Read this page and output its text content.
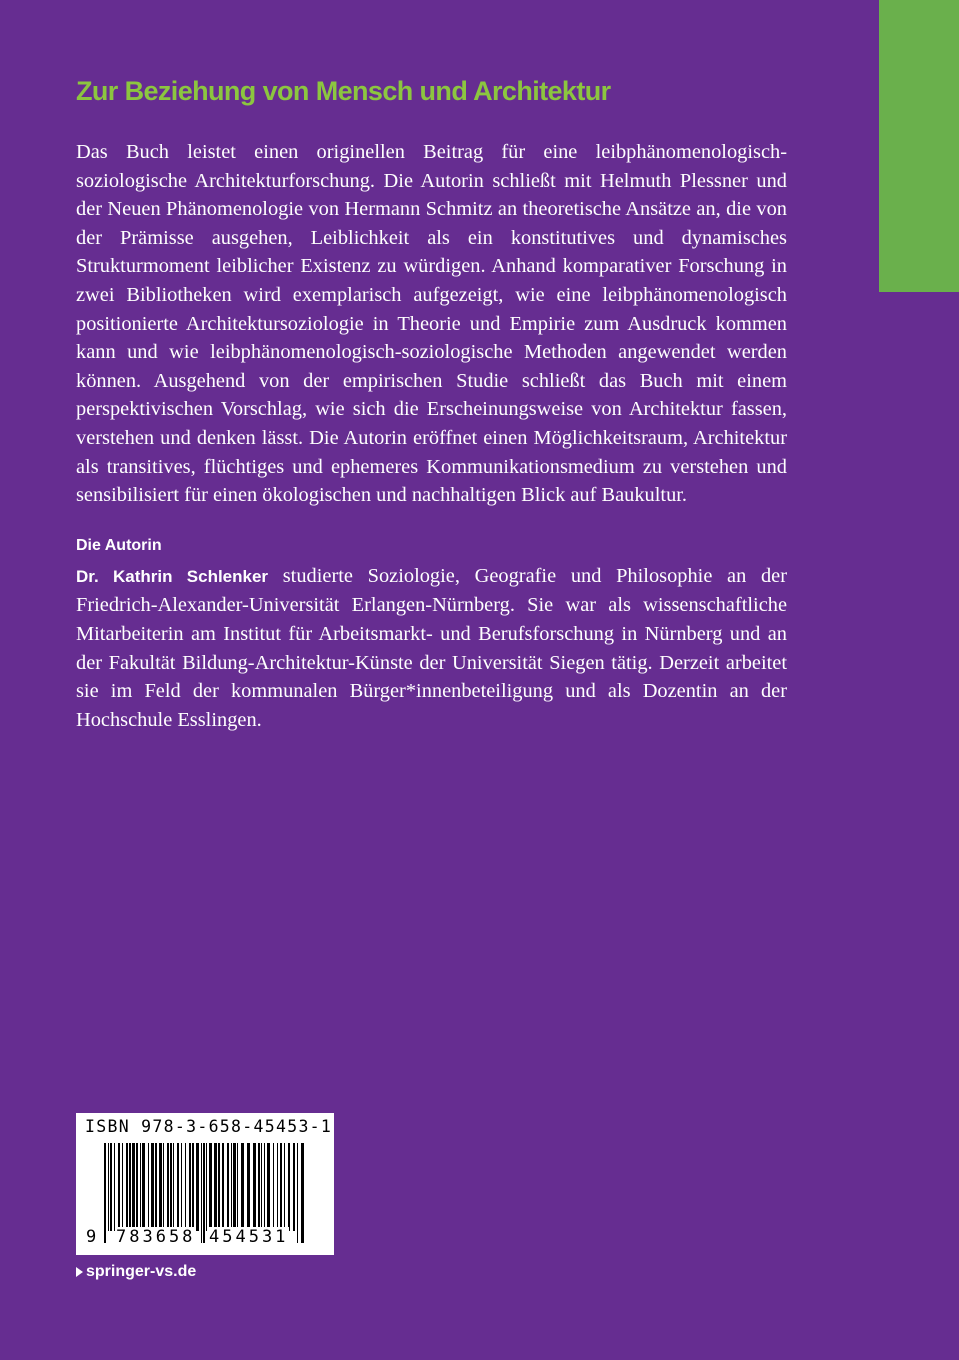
Zur Beziehung von Mensch und Architektur

Das Buch leistet einen originellen Beitrag für eine leibphänomenologisch-soziologische Architekturforschung. Die Autorin schließt mit Helmuth Plessner und der Neuen Phänomenologie von Hermann Schmitz an theoretische Ansätze an, die von der Prämisse ausgehen, Leiblichkeit als ein konstitutives und dynamisches Strukturmoment leiblicher Existenz zu würdigen. Anhand komparativer Forschung in zwei Bibliotheken wird exemplarisch aufgezeigt, wie eine leibphänomenologisch positionierte Architektursoziologie in Theorie und Empirie zum Ausdruck kommen kann und wie leibphänomenologisch-soziologische Methoden angewendet werden können. Ausgehend von der empirischen Studie schließt das Buch mit einem perspektivischen Vorschlag, wie sich die Erscheinungsweise von Architektur fassen, verstehen und denken lässt. Die Autorin eröffnet einen Möglichkeitsraum, Architektur als transitives, flüchtiges und ephemeres Kommunikationsmedium zu verstehen und sensibilisiert für einen ökologischen und nachhaltigen Blick auf Baukultur.

Die Autorin

Dr. Kathrin Schlenker studierte Soziologie, Geografie und Philosophie an der Friedrich-Alexander-Universität Erlangen-Nürnberg. Sie war als wissenschaftliche Mitarbeiterin am Institut für Arbeitsmarkt- und Berufsforschung in Nürnberg und an der Fakultät Bildung-Architektur-Künste der Universität Siegen tätig. Derzeit arbeitet sie im Feld der kommunalen Bürger*innenbeteiligung und als Dozentin an der Hochschule Esslingen.

ISBN 978-3-658-45453-1
9 783658 454531
springer-vs.de
